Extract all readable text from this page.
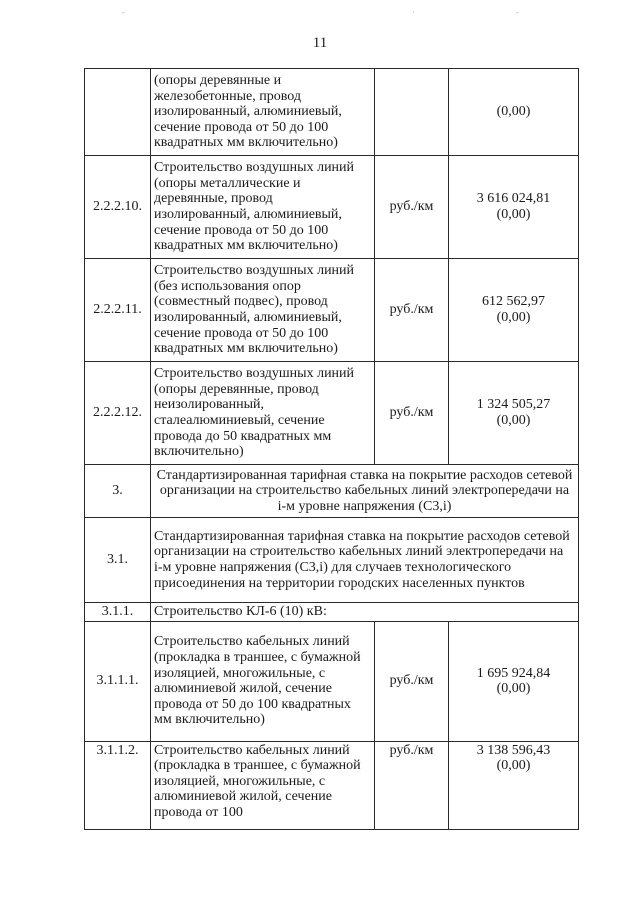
-	·	-
11
	(опоры деревянные и железобетонные, провод изолированный, алюминиевый, сечение провода от 50 до 100 квадратных мм включительно)		(0,00)
2.2.2.10.	Строительство воздушных линий (опоры металлические и деревянные, провод изолированный, алюминиевый, сечение провода от 50 до 100 квадратных мм включительно)	руб./км	3 616 024,81
(0,00)

2.2.2.11.	Строительство воздушных линий (без использования опор (совместный подвес), провод изолированный, алюминиевый, сечение провода от 50 до 100 квадратных мм включительно)	руб./км	612 562,97
(0,00)

2.2.2.12.	Строительство воздушных линий (опоры деревянные, провод неизолированный, сталеалюминиевый, сечение провода до 50 квадратных мм включительно)	руб./км	1 324 505,27
(0,00)

3.	Стандартизированная тарифная ставка на покрытие расходов сетевой организации на строительство кабельных линий электропередачи на i-м уровне напряжения (С3,i)		
3.1.	Стандартизированная тарифная ставка на покрытие расходов сетевой организации на строительство кабельных линий электропередачи на i-м уровне напряжения (С3,i) для случаев технологического присоединения на территории городских населенных пунктов		
3.1.1.	Строительство КЛ-6 (10) кВ:		
3.1.1.1.	Строительство кабельных линий (прокладка в траншее, с бумажной изоляцией, многожильные, с алюминиевой жилой, сечение провода от 50 до 100 квадратных мм включительно)	руб./км	1 695 924,84
(0,00)

3.1.1.2.	Строительство кабельных линий (прокладка в траншее, с бумажной изоляцией, многожильные, с алюминиевой жилой, сечение провода от 100	руб./км	3 138 596,43
(0,00)
